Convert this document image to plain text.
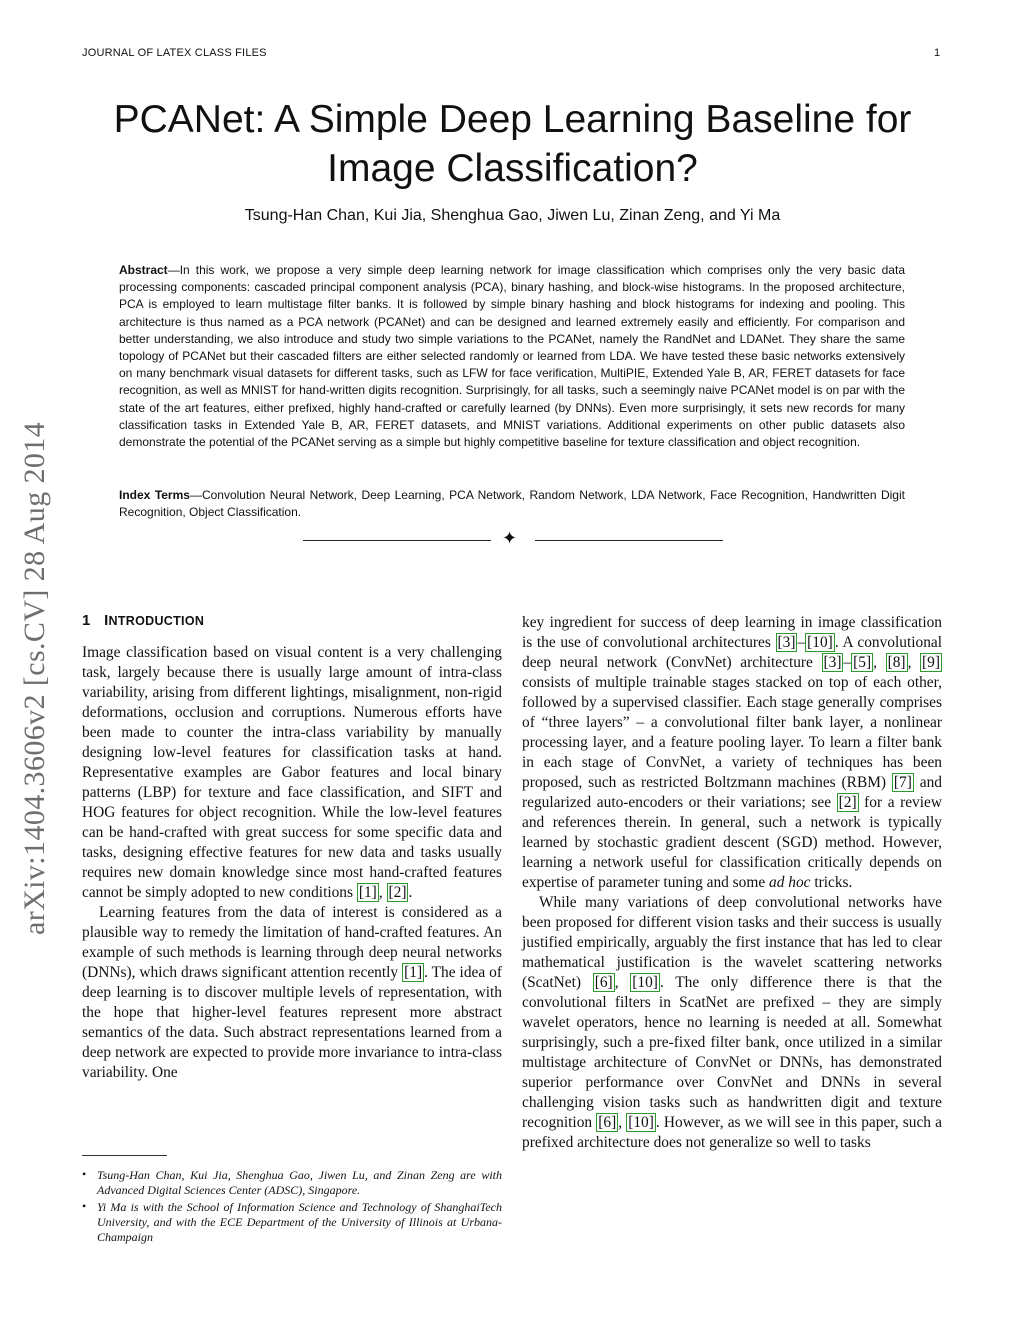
JOURNAL OF LATEX CLASS FILES	1
arXiv:1404.3606v2 [cs.CV] 28 Aug 2014
PCANet: A Simple Deep Learning Baseline for Image Classification?
Tsung-Han Chan, Kui Jia, Shenghua Gao, Jiwen Lu, Zinan Zeng, and Yi Ma

Abstract—In this work, we propose a very simple deep learning network for image classification which comprises only the very basic data processing components: cascaded principal component analysis (PCA), binary hashing, and block-wise histograms. In the proposed architecture, PCA is employed to learn multistage filter banks. It is followed by simple binary hashing and block histograms for indexing and pooling. This architecture is thus named as a PCA network (PCANet) and can be designed and learned extremely easily and efficiently. For comparison and better understanding, we also introduce and study two simple variations to the PCANet, namely the RandNet and LDANet. They share the same topology of PCANet but their cascaded filters are either selected randomly or learned from LDA. We have tested these basic networks extensively on many benchmark visual datasets for different tasks, such as LFW for face verification, MultiPIE, Extended Yale B, AR, FERET datasets for face recognition, as well as MNIST for hand-written digits recognition. Surprisingly, for all tasks, such a seemingly naive PCANet model is on par with the state of the art features, either prefixed, highly hand-crafted or carefully learned (by DNNs). Even more surprisingly, it sets new records for many classification tasks in Extended Yale B, AR, FERET datasets, and MNIST variations. Additional experiments on other public datasets also demonstrate the potential of the PCANet serving as a simple but highly competitive baseline for texture classification and object recognition.

Index Terms—Convolution Neural Network, Deep Learning, PCA Network, Random Network, LDA Network, Face Recognition, Handwritten Digit Recognition, Object Classification.

✦
1 INTRODUCTION

Image classification based on visual content is a very challenging task, largely because there is usually large amount of intra-class variability, arising from different lightings, misalignment, non-rigid deformations, occlusion and corruptions. Numerous efforts have been made to counter the intra-class variability by manually designing low-level features for classification tasks at hand. Representative examples are Gabor features and local binary patterns (LBP) for texture and face classification, and SIFT and HOG features for object recognition. While the low-level features can be hand-crafted with great success for some specific data and tasks, designing effective features for new data and tasks usually requires new domain knowledge since most hand-crafted features cannot be simply adopted to new conditions [1] , [2] .

Learning features from the data of interest is considered as a plausible way to remedy the limitation of hand-crafted features. An example of such methods is learning through deep neural networks (DNNs), which draws significant attention recently [1] . The idea of deep learning is to discover multiple levels of representation, with the hope that higher-level features represent more abstract semantics of the data. Such abstract representations learned from a deep network are expected to provide more invariance to intra-class variability. One

key ingredient for success of deep learning in image classification is the use of convolutional architectures [3] – [10] . A convolutional deep neural network (ConvNet) architecture [3] – [5] , [8] , [9] consists of multiple trainable stages stacked on top of each other, followed by a supervised classifier. Each stage generally comprises of “three layers” – a convolutional filter bank layer, a nonlinear processing layer, and a feature pooling layer. To learn a filter bank in each stage of ConvNet, a variety of techniques has been proposed, such as restricted Boltzmann machines (RBM) [7] and regularized auto-encoders or their variations; see [2] for a review and references therein. In general, such a network is typically learned by stochastic gradient descent (SGD) method. However, learning a network useful for classification critically depends on expertise of parameter tuning and some ad hoc tricks.

While many variations of deep convolutional networks have been proposed for different vision tasks and their success is usually justified empirically, arguably the first instance that has led to clear mathematical justification is the wavelet scattering networks (ScatNet) [6] , [10] . The only difference there is that the convolutional filters in ScatNet are prefixed – they are simply wavelet operators, hence no learning is needed at all. Somewhat surprisingly, such a pre-fixed filter bank, once utilized in a similar multistage architecture of ConvNet or DNNs, has demonstrated superior performance over ConvNet and DNNs in several challenging vision tasks such as handwritten digit and texture recognition [6] , [10] . However, as we will see in this paper, such a prefixed architecture does not generalize so well to tasks

• Tsung-Han Chan, Kui Jia, Shenghua Gao, Jiwen Lu, and Zinan Zeng are with Advanced Digital Sciences Center (ADSC), Singapore.
• Yi Ma is with the School of Information Science and Technology of ShanghaiTech University, and with the ECE Department of the University of Illinois at Urbana-Champaign
